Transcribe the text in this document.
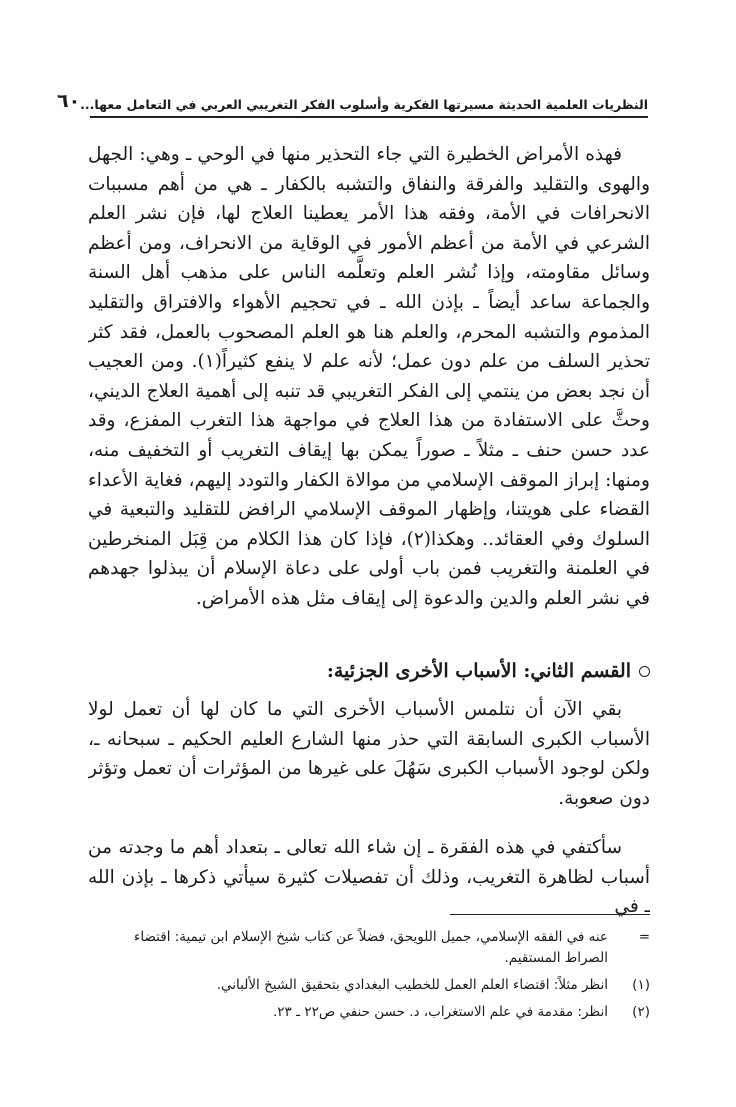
النظريات العلمية الحديثة مسيرتها الفكرية وأسلوب الفكر التغريبي العربي في التعامل معها...
٦٠

فهذه الأمراض الخطيرة التي جاء التحذير منها في الوحي ـ وهي: الجهل والهوى والتقليد والفرقة والنفاق والتشبه بالكفار ـ هي من أهم مسببات الانحرافات في الأمة، وفقه هذا الأمر يعطينا العلاج لها، فإن نشر العلم الشرعي في الأمة من أعظم الأمور في الوقاية من الانحراف، ومن أعظم وسائل مقاومته، وإذا نُشر العلم وتعلَّمه الناس على مذهب أهل السنة والجماعة ساعد أيضاً ـ بإذن الله ـ في تحجيم الأهواء والافتراق والتقليد المذموم والتشبه المحرم، والعلم هنا هو العلم المصحوب بالعمل، فقد كثر تحذير السلف من علم دون عمل؛ لأنه علم لا ينفع كثيراً(١). ومن العجيب أن نجد بعض من ينتمي إلى الفكر التغريبي قد تنبه إلى أهمية العلاج الديني، وحثَّ على الاستفادة من هذا العلاج في مواجهة هذا التغرب المفزع، وقد عدد حسن حنف ـ مثلاً ـ صوراً يمكن بها إيقاف التغريب أو التخفيف منه، ومنها: إبراز الموقف الإسلامي من موالاة الكفار والتودد إليهم، فغاية الأعداء القضاء على هويتنا، وإظهار الموقف الإسلامي الرافض للتقليد والتبعية في السلوك وفي العقائد.. وهكذا(٢)، فإذا كان هذا الكلام من قِبَل المنخرطين في العلمنة والتغريب فمن باب أولى على دعاة الإسلام أن يبذلوا جهدهم في نشر العلم والدين والدعوة إلى إيقاف مثل هذه الأمراض.

القسم الثاني: الأسباب الأخرى الجزئية:

بقي الآن أن نتلمس الأسباب الأخرى التي ما كان لها أن تعمل لولا الأسباب الكبرى السابقة التي حذر منها الشارع العليم الحكيم ـ سبحانه ـ، ولكن لوجود الأسباب الكبرى سَهُلَ على غيرها من المؤثرات أن تعمل وتؤثر دون صعوبة.

سأكتفي في هذه الفقرة ـ إن شاء الله تعالى ـ بتعداد أهم ما وجدته من أسباب لظاهرة التغريب، وذلك أن تفصيلات كثيرة سيأتي ذكرها ـ بإذن الله ـ في

=
عنه في الفقه الإسلامي، جميل اللويحق، فضلاً عن كتاب شيخ الإسلام ابن تيمية: اقتضاء الصراط المستقيم.
(١)
انظر مثلاً: اقتضاء العلم العمل للخطيب البغدادي بتحقيق الشيخ الألباني.
(٢)
انظر: مقدمة في علم الاستغراب، د. حسن حنفي ص٢٢ ـ ٢٣.
